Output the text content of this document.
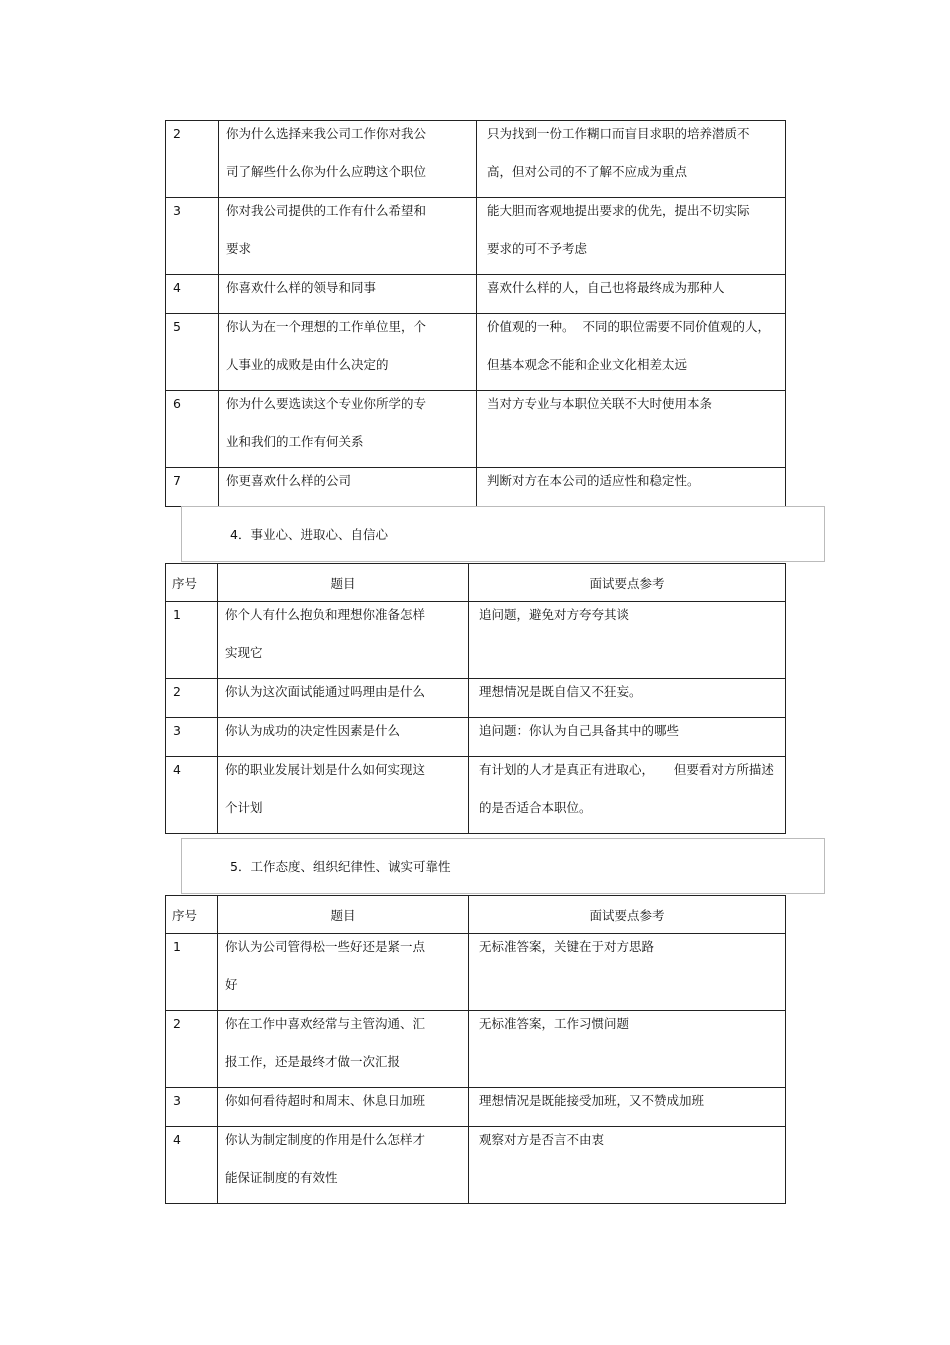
2	你为什么选择来我公司工作你对我公
司了解些什么你为什么应聘这个职位	只为找到一份工作糊口而盲目求职的培养潜质不
高，但对公司的不了解不应成为重点

3	你对我公司提供的工作有什么希望和
要求	能大胆而客观地提出要求的优先，提出不切实际
要求的可不予考虑

4	你喜欢什么样的领导和同事	喜欢什么样的人，自己也将最终成为那种人

5	你认为在一个理想的工作单位里，个
人事业的成败是由什么决定的	价值观的一种。  不同的职位需要不同价值观的人，
但基本观念不能和企业文化相差太远

6	你为什么要选读这个专业你所学的专
业和我们的工作有何关系	当对方专业与本职位关联不大时使用本条

7	你更喜欢什么样的公司	判断对方在本公司的适应性和稳定性。
4．事业心、进取心、自信心
序号	题目	面试要点参考

1	你个人有什么抱负和理想你准备怎样
实现它	追问题，避免对方夸夸其谈

2	你认为这次面试能通过吗理由是什么	理想情况是既自信又不狂妄。

3	你认为成功的决定性因素是什么	追问题：你认为自己具备其中的哪些

4	你的职业发展计划是什么如何实现这
个计划	有计划的人才是真正有进取心，     但要看对方所描述
的是否适合本职位。
5．工作态度、组织纪律性、诚实可靠性
序号	题目	面试要点参考

1	你认为公司管得松一些好还是紧一点
好	无标准答案，关键在于对方思路

2	你在工作中喜欢经常与主管沟通、汇
报工作，还是最终才做一次汇报	无标准答案，工作习惯问题

3	你如何看待超时和周末、休息日加班	理想情况是既能接受加班，又不赞成加班

4	你认为制定制度的作用是什么怎样才
能保证制度的有效性	观察对方是否言不由衷
